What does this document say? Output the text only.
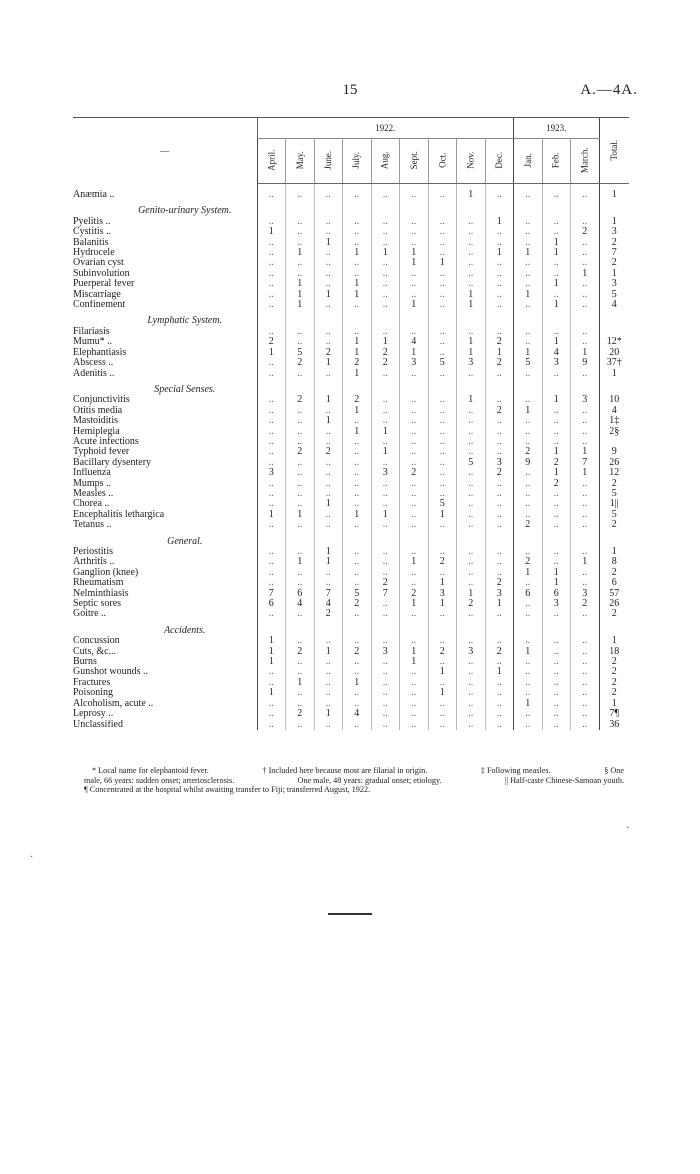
15	A.—4A.
—	1922.									1923.			Total.
	April.	May.	June.	July.	Aug.	Sept.	Oct.	Nov.	Dec.	Jan.	Feb.	March.	

Anæmia ..	..	..	..	..	..	..	..	1	..	..	..	..	1
Genito-urinary System.													
Pyelitis ..	..	..	..	..	..	..	..	..	1	..	..	..	1
Cystitis ..	1	..	..	..	..	..	..	..	..	..	..	2	3
Balanitis	..	..	1	..	..	..	..	..	..	..	1	..	2
Hydrocele	..	1	..	1	1	1	..	..	1	1	1	..	7
Ovarian cyst	..	..	..	..	..	1	1	..	..	..	..	..	2
Subinvolution	..	..	..	..	..	..	..	..	..	..	..	1	1
Puerperal fever	..	1	..	1	..	..	..	..	..	..	1	..	3
Miscarriage	..	1	1	1	..	..	..	1	..	1	..	..	5
Confinement	..	1	..	..	..	1	..	1	..	..	1	..	4
Lymphatic System.													
Filariasis	..	..	..	..	..	..	..	..	..	..	..	..	
Mumu* ..	2	..	..	1	1	4	..	1	2	..	1	..	12*
Elephantiasis	1	5	2	1	2	1	..	1	1	1	4	1	20
Abscess ..	..	2	1	2	2	3	5	3	2	5	3	9	37†
Adenitis ..	..	..	..	1	..	..	..	..	..	..	..	..	1
Special Senses.													
Conjunctivitis	..	2	1	2	..	..	..	1	..	..	1	3	10
Otitis media	..	..	..	1	..	..	..	..	2	1	..	..	4
Mastoiditis	..	..	1	..	..	..	..	..	..	..	..	..	1‡
Hemiplegia	..	..	..	1	1	..	..	..	..	..	..	..	2§
Acute infections	..	..	..	..	..	..	..	..	..	..	..	..	
Typhoid fever	..	2	2	..	1	..	..	..	..	2	1	1	9
Bacillary dysentery	..	..	..	..	..	..	..	5	3	9	2	7	26
Influenza	3	..	..	..	3	2	..	..	2	..	1	1	12
Mumps ..	..	..	..	..	..	..	..	..	..	..	2	..	2
Measles ..	..	..	..	..	..	..	..	..	..	..	..	..	5
Chorea ..	..	..	1	..	..	..	5	..	..	..	..	..	1||
Encephalitis lethargica	1	1	..	1	1	..	1	..	..	..	..	..	5
Tetanus ..	..	..	..	..	..	..	..	..	..	2	..	..	2
General.													
Periostitis	..	..	1	..	..	..	..	..	..	..	..	..	1
Arthritis ..	..	1	1	..	..	1	2	..	..	2	..	1	8
Ganglion (knee)	..	..	..	..	..	..	..	..	..	1	1	..	2
Rheumatism	..	..	..	..	2	..	1	..	2	..	1	..	6
Nelminthiasis	7	6	7	5	7	2	3	1	3	6	6	3	57
Septic sores	6	4	4	2	..	1	1	2	1	..	3	2	26
Goitre ..	..	..	2	..	..	..	..	..	..	..	..	..	2
Accidents.													
Concussion	1	..	..	..	..	..	..	..	..	..	..	..	1
Cuts, &c...	1	2	1	2	3	1	2	3	2	1	..	..	18
Burns	1	..	..	..	..	1	..	..	..	..	..	..	2
Gunshot wounds ..	..	..	..	..	..	..	1	..	1	..	..	..	2
Fractures	..	1	..	1	..	..	..	..	..	..	..	..	2
Poisoning	1	..	..	..	..	..	1	..	..	..	..	..	2
Alcoholism, acute ..	..	..	..	..	..	..	..	..	..	1	..	..	1
Leprosy ..	..	2	1	4	..	..	..	..	..	..	..	..	7¶
Unclassified	..	..	..	..	..	..	..	..	..	..	..	..	36
* Local name for elephantoid fever.	† Included here because most are filarial in origin.	‡ Following measles.	§ One
male, 66 years: sudden onset; arteriosclerosis.	One male, 48 years: gradual onset; etiology.	|| Half-caste Chinese-Samoan youth.
¶ Concentrated at the hospital whilst awaiting transfer to Fiji; transferred August, 1922.
·
·
